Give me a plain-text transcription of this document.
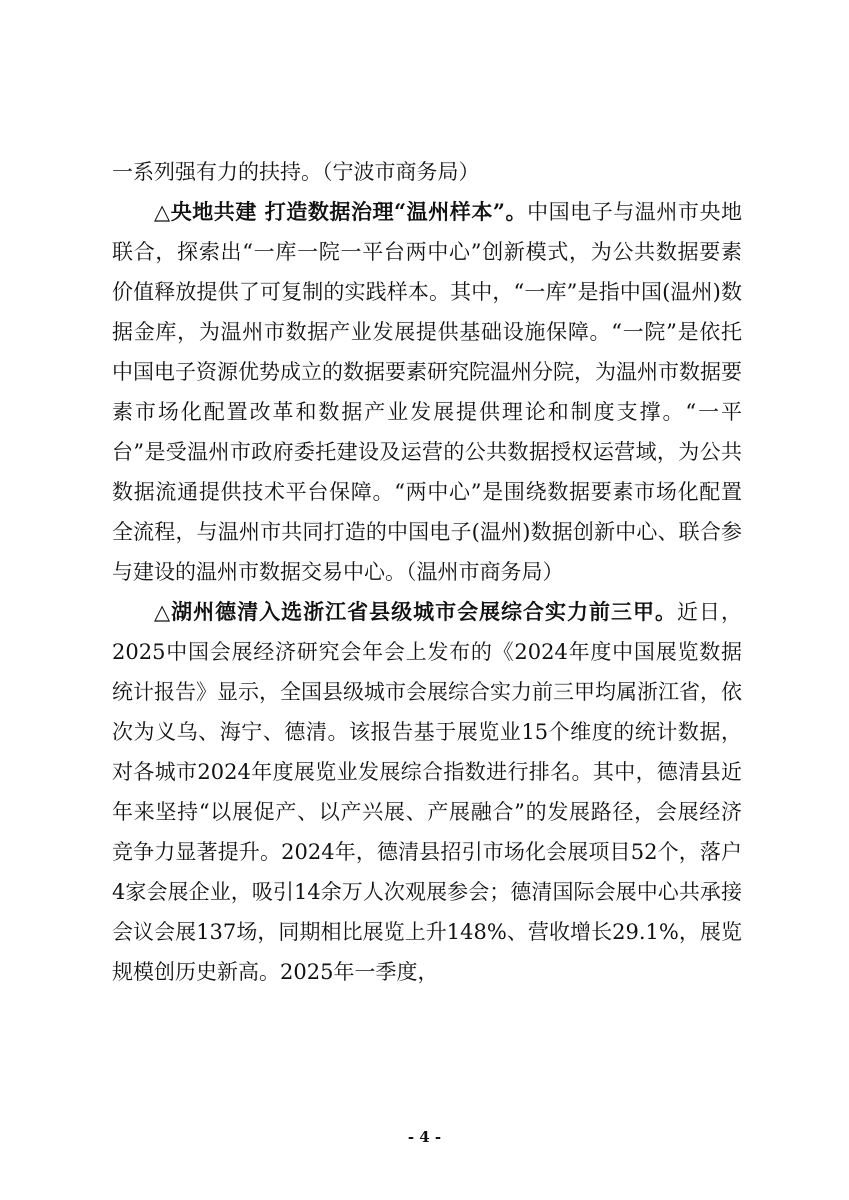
一系列强有力的扶持。（宁波市商务局）

△央地共建 打造数据治理“温州样本”。中国电子与温州市央地联合，探索出“一库一院一平台两中心”创新模式，为公共数据要素价值释放提供了可复制的实践样本。其中，“一库”是指中国(温州)数据金库，为温州市数据产业发展提供基础设施保障。“一院”是依托中国电子资源优势成立的数据要素研究院温州分院，为温州市数据要素市场化配置改革和数据产业发展提供理论和制度支撑。“一平台”是受温州市政府委托建设及运营的公共数据授权运营域，为公共数据流通提供技术平台保障。“两中心”是围绕数据要素市场化配置全流程，与温州市共同打造的中国电子(温州)数据创新中心、联合参与建设的温州市数据交易中心。（温州市商务局）

△湖州德清入选浙江省县级城市会展综合实力前三甲。近日，2025中国会展经济研究会年会上发布的《2024年度中国展览数据统计报告》显示，全国县级城市会展综合实力前三甲均属浙江省，依次为义乌、海宁、德清。该报告基于展览业15个维度的统计数据，对各城市2024年度展览业发展综合指数进行排名。其中，德清县近年来坚持“以展促产、以产兴展、产展融合”的发展路径，会展经济竞争力显著提升。2024年，德清县招引市场化会展项目52个，落户4家会展企业，吸引14余万人次观展参会；德清国际会展中心共承接会议会展137场，同期相比展览上升148%、营收增长29.1%，展览规模创历史新高。2025年一季度，

- 4 -
